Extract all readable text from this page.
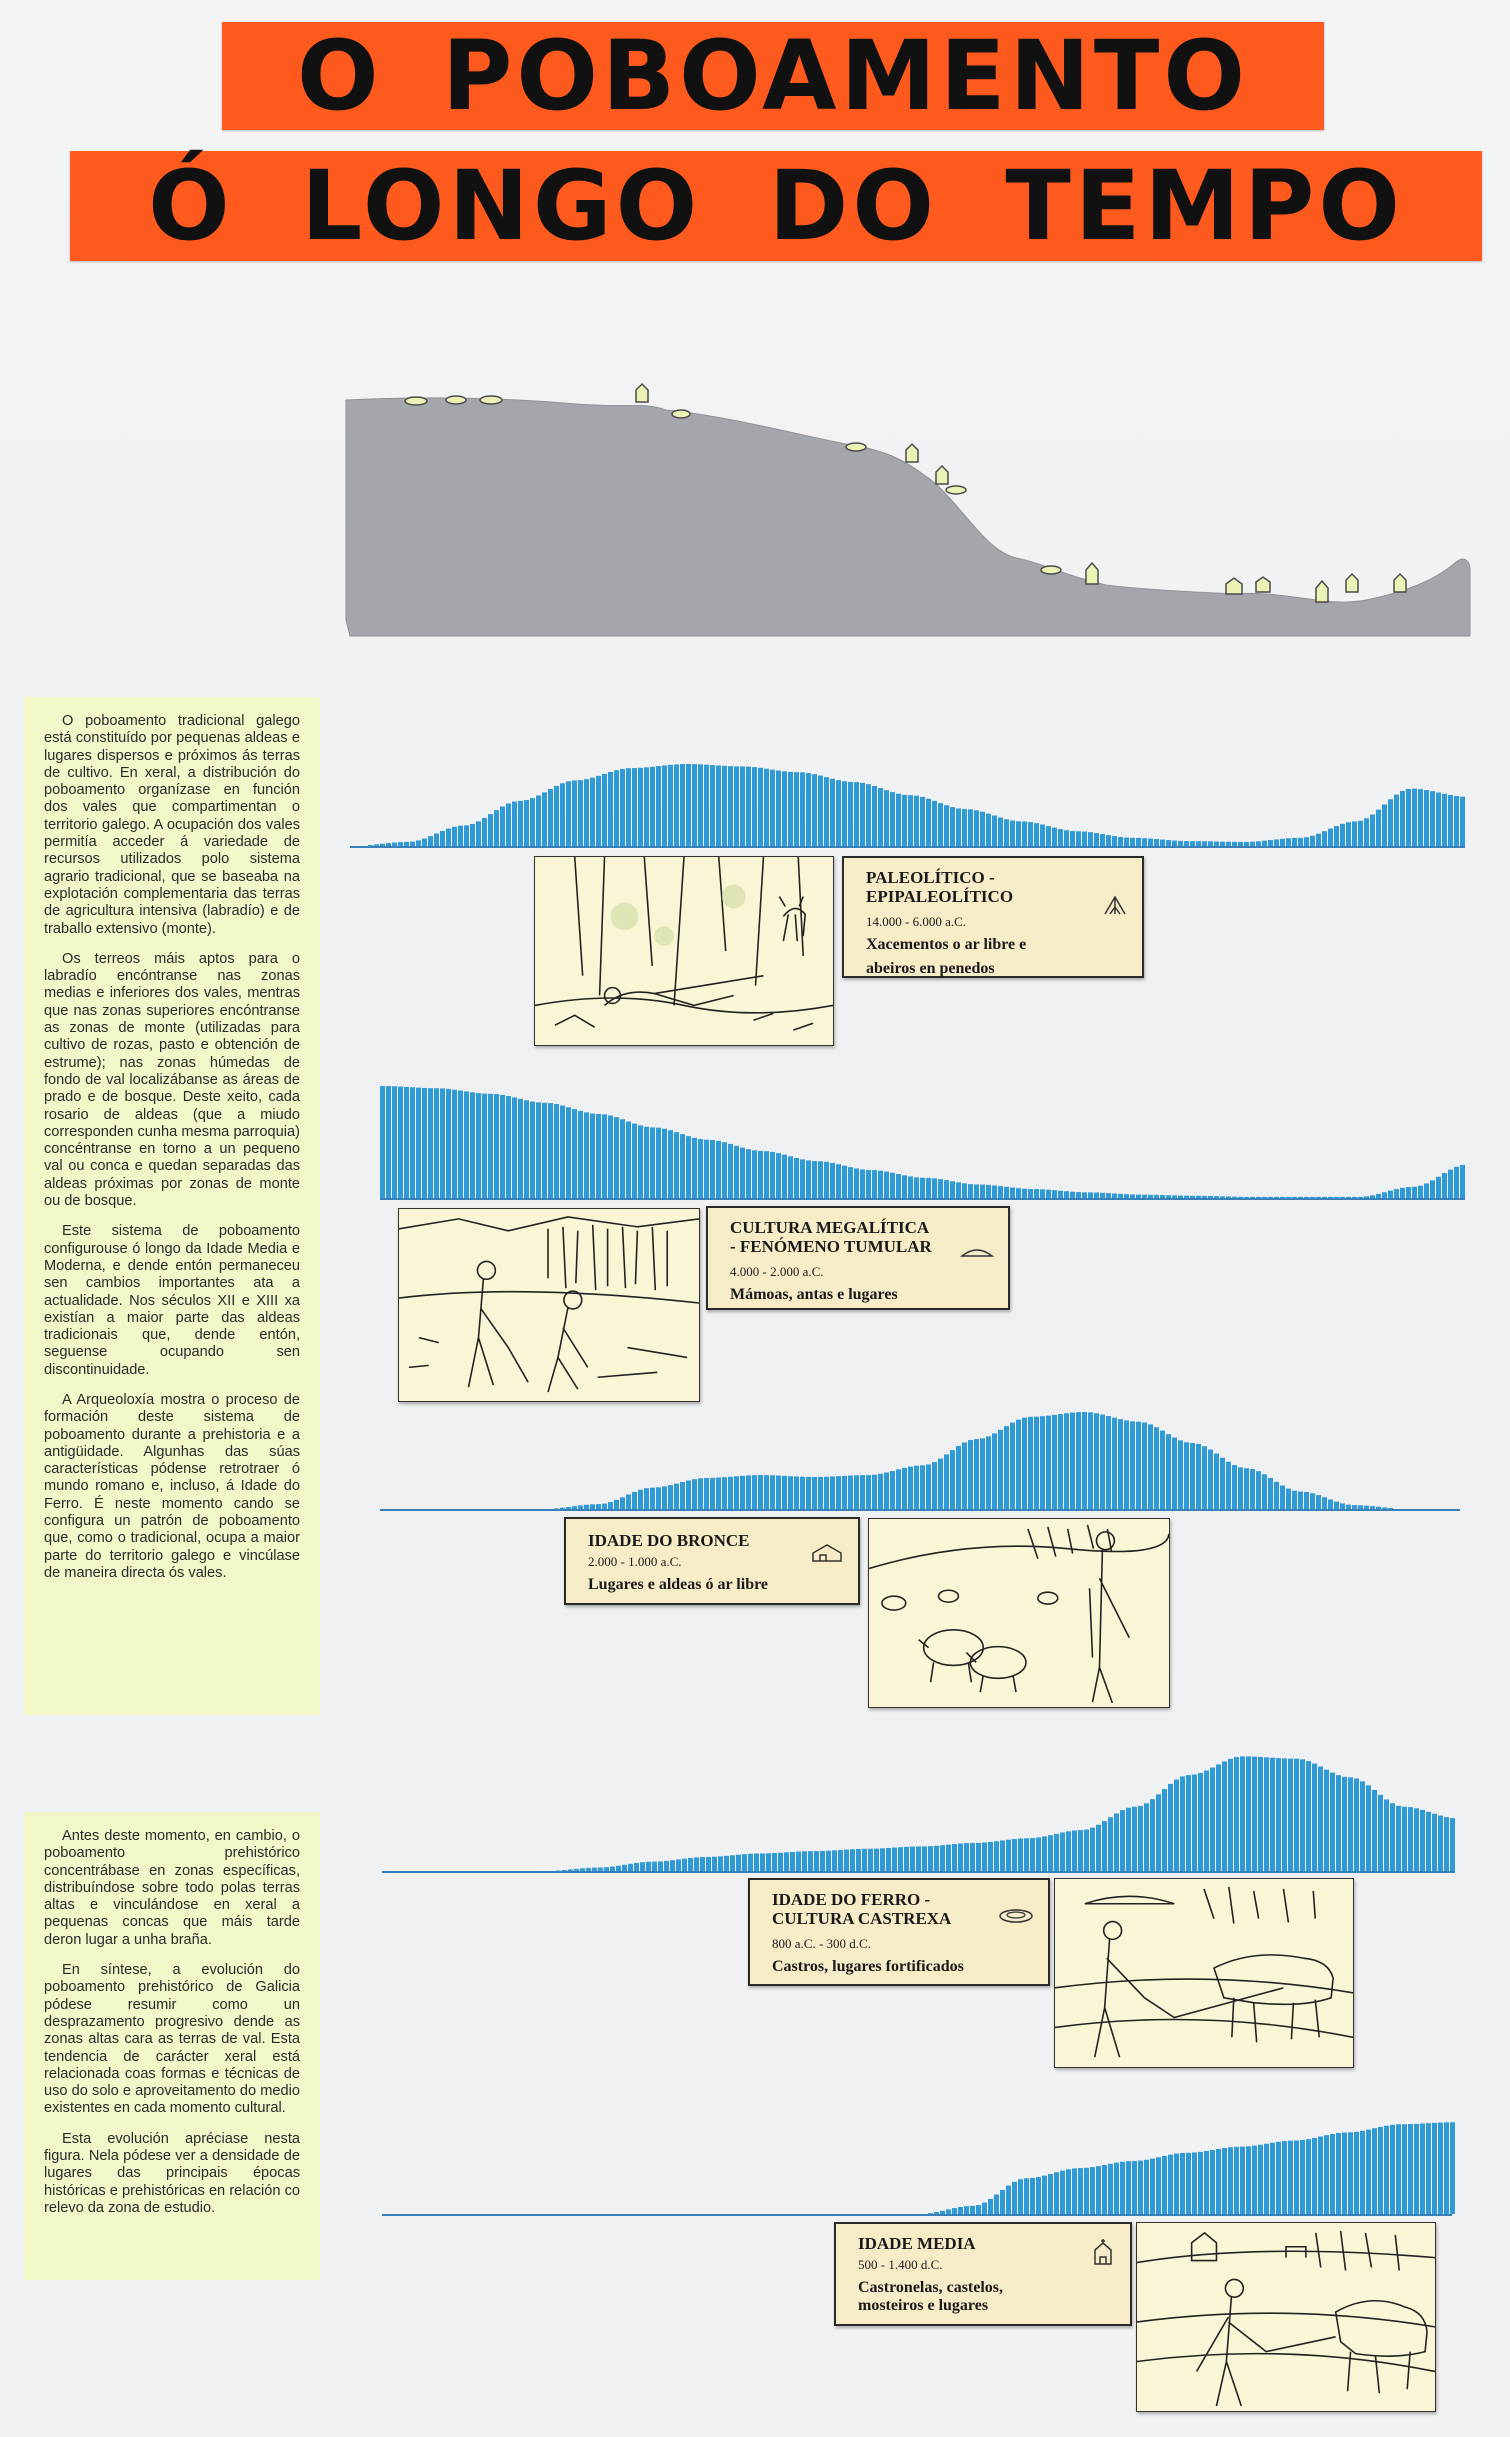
O POBOAMENTO
Ó LONGO DO TEMPO

O poboamento tradicional galego está constituído por pequenas aldeas e lugares dispersos e próximos ás terras de cultivo. En xeral, a distribución do poboamento organízase en función dos vales que compartimentan o territorio galego. A ocupación dos vales permitía acceder á variedade de recursos utilizados polo sistema agrario tradicional, que se baseaba na explotación complementaria das terras de agricultura intensiva (labradío) e de traballo extensivo (monte).

Os terreos máis aptos para o labradío encóntranse nas zonas medias e inferiores dos vales, mentras que nas zonas superiores encóntranse as zonas de monte (utilizadas para cultivo de rozas, pasto e obtención de estrume); nas zonas húmedas de fondo de val localizábanse as áreas de prado e de bosque. Deste xeito, cada rosario de aldeas (que a miudo corresponden cunha mesma parroquia) concéntranse en torno a un pequeno val ou conca e quedan separadas das aldeas próximas por zonas de monte ou de bosque.

Este sistema de poboamento configurouse ó longo da Idade Media e Moderna, e dende entón permaneceu sen cambios importantes ata a actualidade. Nos séculos XII e XIII xa existían a maior parte das aldeas tradicionais que, dende entón, seguense ocupando sen discontinuidade.

A Arqueoloxía mostra o proceso de formación deste sistema de poboamento durante a prehistoria e a antigüidade. Algunhas das súas características pódense retrotraer ó mundo romano e, incluso, á Idade do Ferro. É neste momento cando se configura un patrón de poboamento que, como o tradicional, ocupa a maior parte do territorio galego e vincúlase de maneira directa ós vales.

Antes deste momento, en cambio, o poboamento prehistórico concentrábase en zonas específicas, distribuíndose sobre todo polas terras altas e vinculándose en xeral a pequenas concas que máis tarde deron lugar a unha braña.

En síntese, a evolución do poboamento prehistórico de Galicia pódese resumir como un desprazamento progresivo dende as zonas altas cara as terras de val. Esta tendencia de carácter xeral está relacionada coas formas e técnicas de uso do solo e aproveitamento do medio existentes en cada momento cultural.

Esta evolución apréciase nesta figura. Nela pódese ver a densidade de lugares das principais épocas históricas e prehistóricas en relación co relevo da zona de estudio.

PALEOLÍTICO -
EPIPALEOLÍTICO
14.000 - 6.000 a.C.
Xacementos o ar libre e
abeiros en penedos
CULTURA MEGALÍTICA
- FENÓMENO TUMULAR
4.000 - 2.000 a.C.
Mámoas, antas e lugares
IDADE DO BRONCE
2.000 - 1.000 a.C.
Lugares e aldeas ó ar libre
IDADE DO FERRO -
CULTURA CASTREXA
800 a.C. - 300 d.C.
Castros, lugares fortificados
IDADE MEDIA
500 - 1.400 d.C.
Castronelas, castelos,
mosteiros e lugares
